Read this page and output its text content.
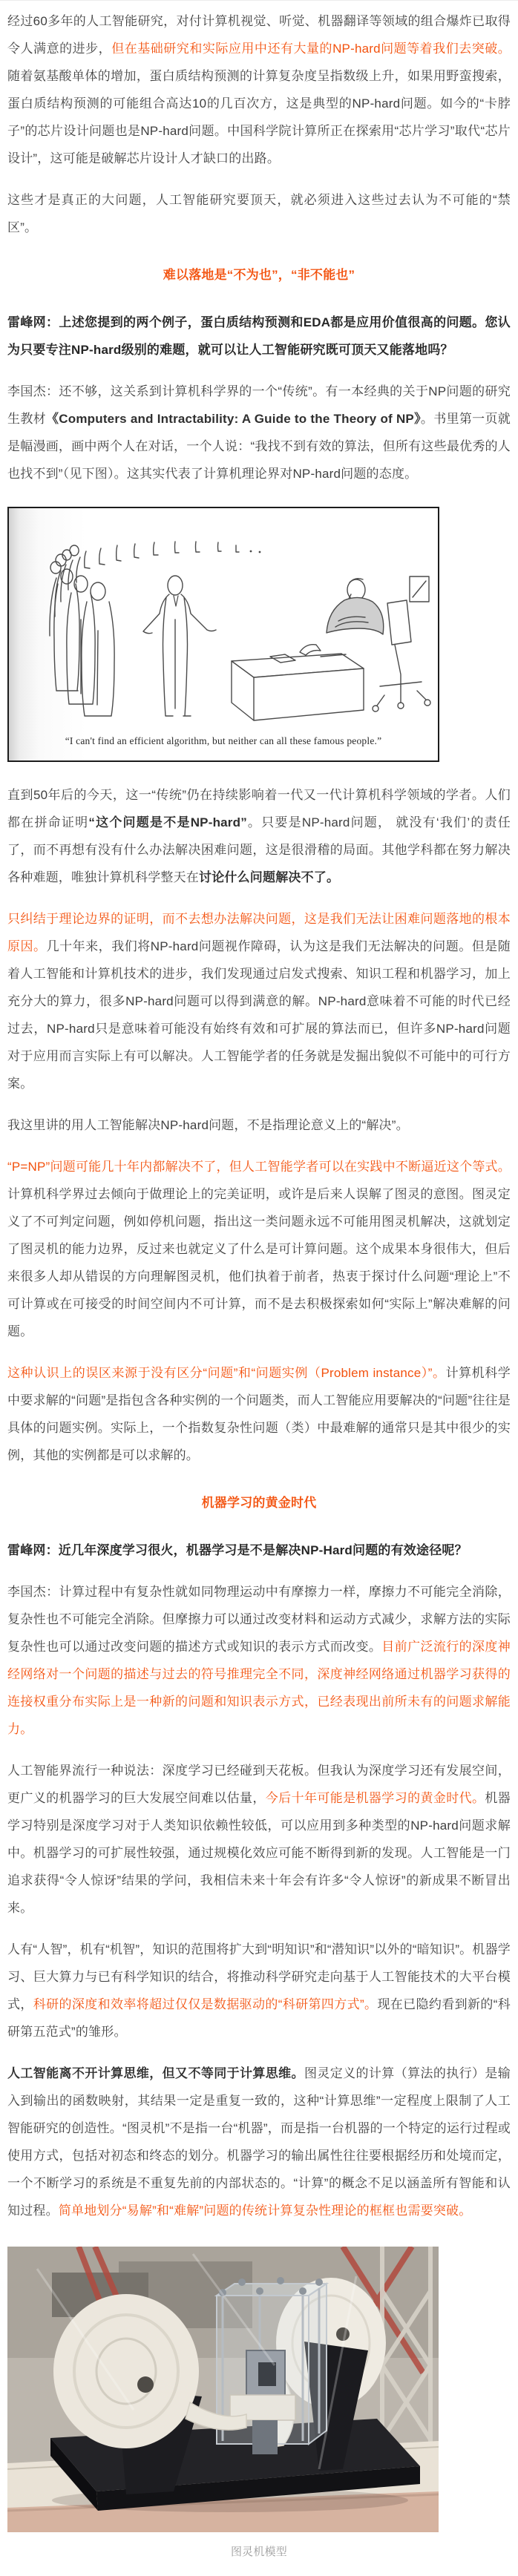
经过60多年的人工智能研究，对付计算机视觉、听觉、机器翻译等领域的组合爆炸已取得令人满意的进步，但在基础研究和实际应用中还有大量的NP-hard问题等着我们去突破。随着氨基酸单体的增加，蛋白质结构预测的计算复杂度呈指数级上升，如果用野蛮搜索，蛋白质结构预测的可能组合高达10的几百次方，这是典型的NP-hard问题。如今的“卡脖子”的芯片设计问题也是NP-hard问题。中国科学院计算所正在探索用“芯片学习”取代“芯片设计”，这可能是破解芯片设计人才缺口的出路。

这些才是真正的大问题，人工智能研究要顶天，就必须进入这些过去认为不可能的“禁区”。

难以落地是“不为也”，“非不能也”

雷峰网：上述您提到的两个例子，蛋白质结构预测和EDA都是应用价值很高的问题。您认为只要专注NP-hard级别的难题，就可以让人工智能研究既可顶天又能落地吗？

李国杰：还不够，这关系到计算机科学界的一个“传统”。有一本经典的关于NP问题的研究生教材《Computers and Intractability: A Guide to the Theory of NP》。书里第一页就是幅漫画，画中两个人在对话，一个人说：“我找不到有效的算法，但所有这些最优秀的人也找不到”（见下图）。这其实代表了计算机理论界对NP-hard问题的态度。

“I can't find an efficient algorithm, but neither can all these famous people.”

直到50年后的今天，这一“传统”仍在持续影响着一代又一代计算机科学领域的学者。人们都在拼命证明“这个问题是不是NP-hard”。只要是NP-hard问题， 就没有‘我们’的责任了，而不再想有没有什么办法解决困难问题，这是很滑稽的局面。其他学科都在努力解决各种难题，唯独计算机科学整天在讨论什么问题解决不了。

只纠结于理论边界的证明，而不去想办法解决问题，这是我们无法让困难问题落地的根本原因。几十年来，我们将NP-hard问题视作障碍，认为这是我们无法解决的问题。但是随着人工智能和计算机技术的进步，我们发现通过启发式搜索、知识工程和机器学习，加上充分大的算力，很多NP-hard问题可以得到满意的解。NP-hard意味着不可能的时代已经过去，NP-hard只是意味着可能没有始终有效和可扩展的算法而已，但许多NP-hard问题对于应用而言实际上有可以解决。人工智能学者的任务就是发掘出貌似不可能中的可行方案。

我这里讲的用人工智能解决NP-hard问题，不是指理论意义上的“解决”。

“P=NP”问题可能几十年内都解决不了，但人工智能学者可以在实践中不断逼近这个等式。计算机科学界过去倾向于做理论上的完美证明，或许是后来人误解了图灵的意图。图灵定义了不可判定问题，例如停机问题，指出这一类问题永远不可能用图灵机解决，这就划定了图灵机的能力边界，反过来也就定义了什么是可计算问题。这个成果本身很伟大，但后来很多人却从错误的方向理解图灵机，他们执着于前者，热衷于探讨什么问题“理论上”不可计算或在可接受的时间空间内不可计算，而不是去积极探索如何“实际上”解决难解的问题。

这种认识上的误区来源于没有区分“问题”和“问题实例（Problem instance）”。计算机科学中要求解的“问题”是指包含各种实例的一个问题类，而人工智能应用要解决的“问题”往往是具体的问题实例。实际上，一个指数复杂性问题（类）中最难解的通常只是其中很少的实例，其他的实例都是可以求解的。

机器学习的黄金时代

雷峰网：近几年深度学习很火，机器学习是不是解决NP-Hard问题的有效途径呢？

李国杰：计算过程中有复杂性就如同物理运动中有摩擦力一样，摩擦力不可能完全消除，复杂性也不可能完全消除。但摩擦力可以通过改变材料和运动方式减少，求解方法的实际复杂性也可以通过改变问题的描述方式或知识的表示方式而改变。目前广泛流行的深度神经网络对一个问题的描述与过去的符号推理完全不同，深度神经网络通过机器学习获得的连接权重分布实际上是一种新的问题和知识表示方式，已经表现出前所未有的问题求解能力。

人工智能界流行一种说法：深度学习已经碰到天花板。但我认为深度学习还有发展空间，更广义的机器学习的巨大发展空间难以估量，今后十年可能是机器学习的黄金时代。机器学习特别是深度学习对于人类知识依赖性较低，可以应用到多种类型的NP-hard问题求解中。机器学习的可扩展性较强，通过规模化效应可能不断得到新的发现。人工智能是一门追求获得“令人惊讶”结果的学问，我相信未来十年会有许多“令人惊讶”的新成果不断冒出来。

人有“人智”，机有“机智”，知识的范围将扩大到“明知识”和“潜知识”以外的“暗知识”。机器学习、巨大算力与已有科学知识的结合，将推动科学研究走向基于人工智能技术的大平台模式，科研的深度和效率将超过仅仅是数据驱动的“科研第四方式”。现在已隐约看到新的“科研第五范式”的雏形。

人工智能离不开计算思维，但又不等同于计算思维。图灵定义的计算（算法的执行）是输入到输出的函数映射，其结果一定是重复一致的，这种“计算思维”一定程度上限制了人工智能研究的创造性。“图灵机”不是指一台“机器”，而是指一台机器的一个特定的运行过程或使用方式，包括对初态和终态的划分。机器学习的输出属性往往要根据经历和处境而定，一个不断学习的系统是不重复先前的内部状态的。“计算”的概念不足以涵盖所有智能和认知过程。简单地划分“易解”和“难解”问题的传统计算复杂性理论的框框也需要突破。

图灵机模型
